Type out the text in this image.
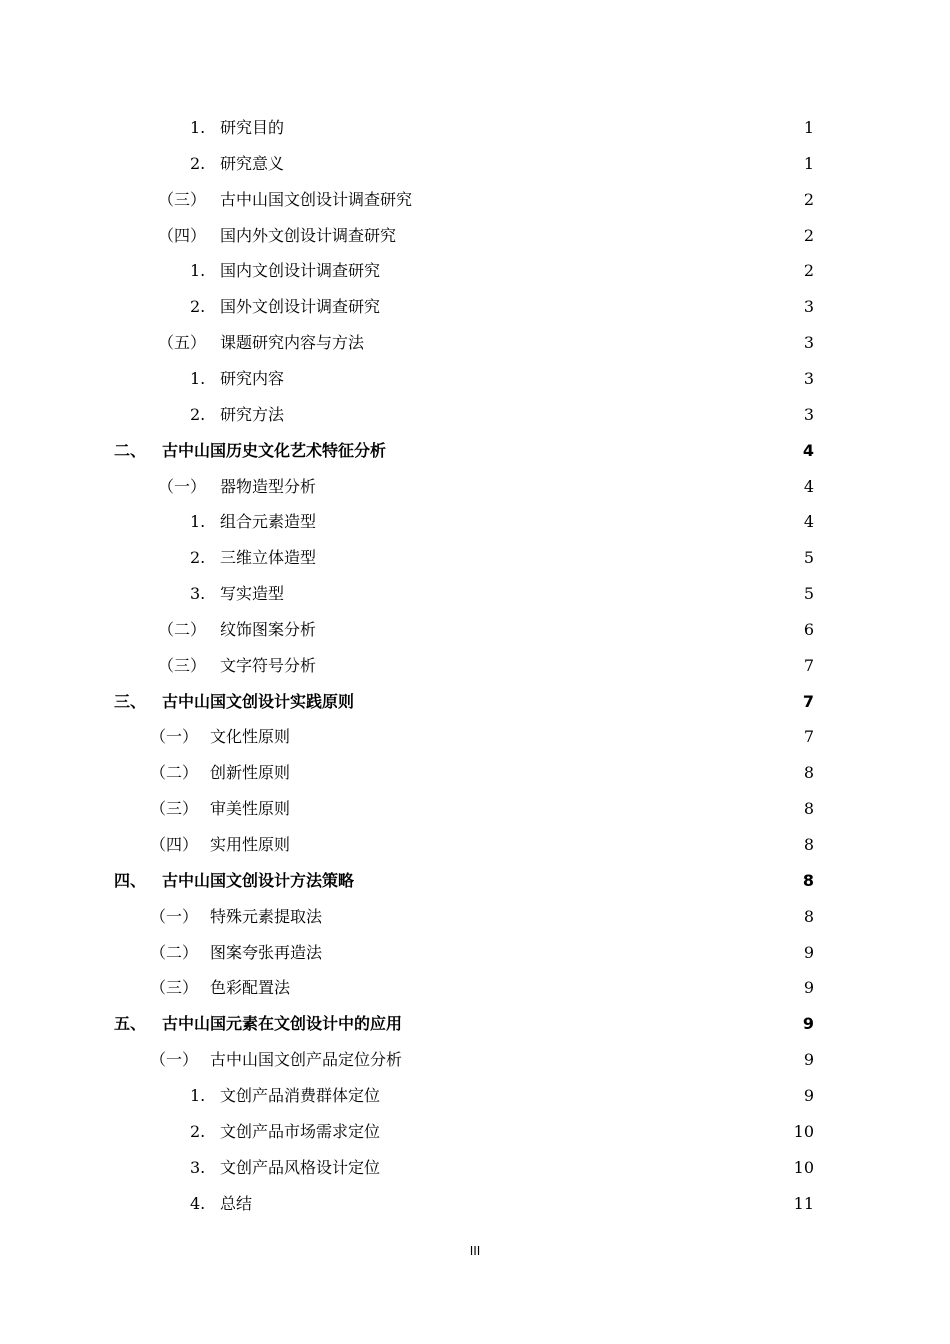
1. 研究目的	1
2. 研究意义	1
（三） 古中山国文创设计调查研究	2
（四） 国内外文创设计调查研究	2
1. 国内文创设计调查研究	2
2. 国外文创设计调查研究	3
（五） 课题研究内容与方法	3
1. 研究内容	3
2. 研究方法	3
二、 古中山国历史文化艺术特征分析	4
（一） 器物造型分析	4
1. 组合元素造型	4
2. 三维立体造型	5
3. 写实造型	5
（二） 纹饰图案分析	6
（三） 文字符号分析	7
三、 古中山国文创设计实践原则	7
（一） 文化性原则	7
（二） 创新性原则	8
（三） 审美性原则	8
（四） 实用性原则	8
四、 古中山国文创设计方法策略	8
（一） 特殊元素提取法	8
（二） 图案夸张再造法	9
（三） 色彩配置法	9
五、 古中山国元素在文创设计中的应用	9
（一） 古中山国文创产品定位分析	9
1. 文创产品消费群体定位	9
2. 文创产品市场需求定位	10
3. 文创产品风格设计定位	10
4. 总结	11
III
